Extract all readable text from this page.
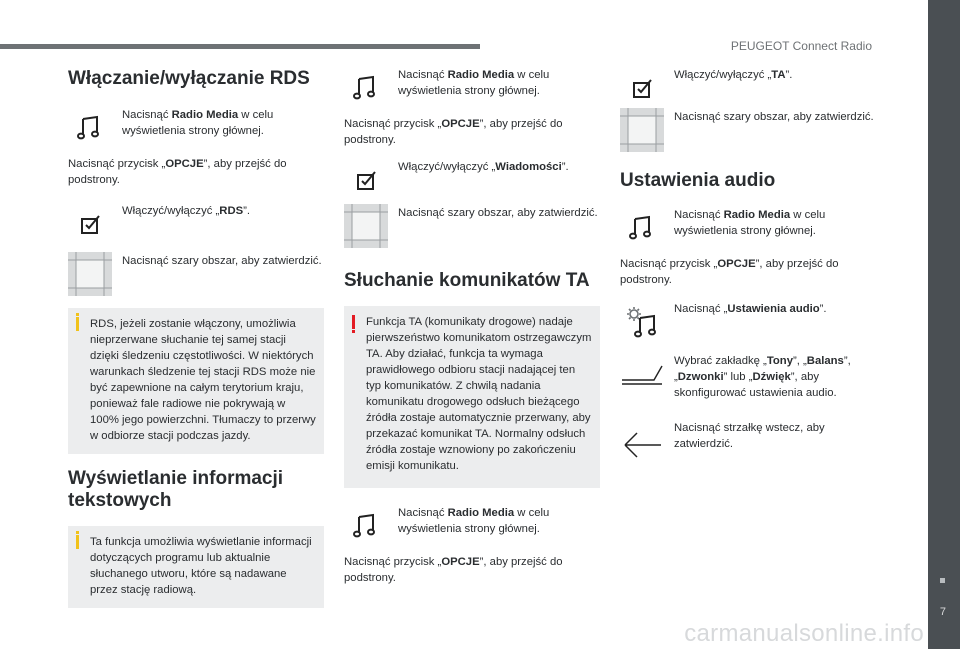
PEUGEOT Connect Radio
Włączanie/wyłączanie RDS
Nacisnąć Radio Media w celu wyświetlenia strony głównej.

Nacisnąć przycisk „OPCJE”, aby przejść do podstrony.

Włączyć/wyłączyć „RDS”.
Nacisnąć szary obszar, aby zatwierdzić.

RDS, jeżeli zostanie włączony, umożliwia nieprzerwane słuchanie tej samej stacji dzięki śledzeniu częstotliwości. W niektórych warunkach śledzenie tej stacji RDS może nie być zapewnione na całym terytorium kraju, ponieważ fale radiowe nie pokrywają w 100% jego powierzchni. Tłumaczy to przerwy w odbiorze stacji podczas jazdy.

Wyświetlanie informacji tekstowych

Ta funkcja umożliwia wyświetlanie informacji dotyczących programu lub aktualnie słuchanego utworu, które są nadawane przez stację radiową.

Nacisnąć Radio Media w celu wyświetlenia strony głównej.

Nacisnąć przycisk „OPCJE”, aby przejść do podstrony.

Włączyć/wyłączyć „Wiadomości”.
Nacisnąć szary obszar, aby zatwierdzić.
Słuchanie komunikatów TA

Funkcja TA (komunikaty drogowe) nadaje pierwszeństwo komunikatom ostrzegawczym TA. Aby działać, funkcja ta wymaga prawidłowego odbioru stacji nadającej ten typ komunikatów. Z chwilą nadania komunikatu drogowego odsłuch bieżącego źródła zostaje automatycznie przerwany, aby przekazać komunikat TA. Normalny odsłuch źródła zostaje wznowiony po zakończeniu emisji komunikatu.

Nacisnąć Radio Media w celu wyświetlenia strony głównej.

Nacisnąć przycisk „OPCJE”, aby przejść do podstrony.

Włączyć/wyłączyć „TA”.
Nacisnąć szary obszar, aby zatwierdzić.
Ustawienia audio
Nacisnąć Radio Media w celu wyświetlenia strony głównej.

Nacisnąć przycisk „OPCJE”, aby przejść do podstrony.

Nacisnąć „Ustawienia audio”.
Wybrać zakładkę „Tony”, „Balans”, „Dzwonki” lub „Dźwięk”, aby skonfigurować ustawienia audio.
Nacisnąć strzałkę wstecz, aby zatwierdzić.
7
carmanualsonline.info
